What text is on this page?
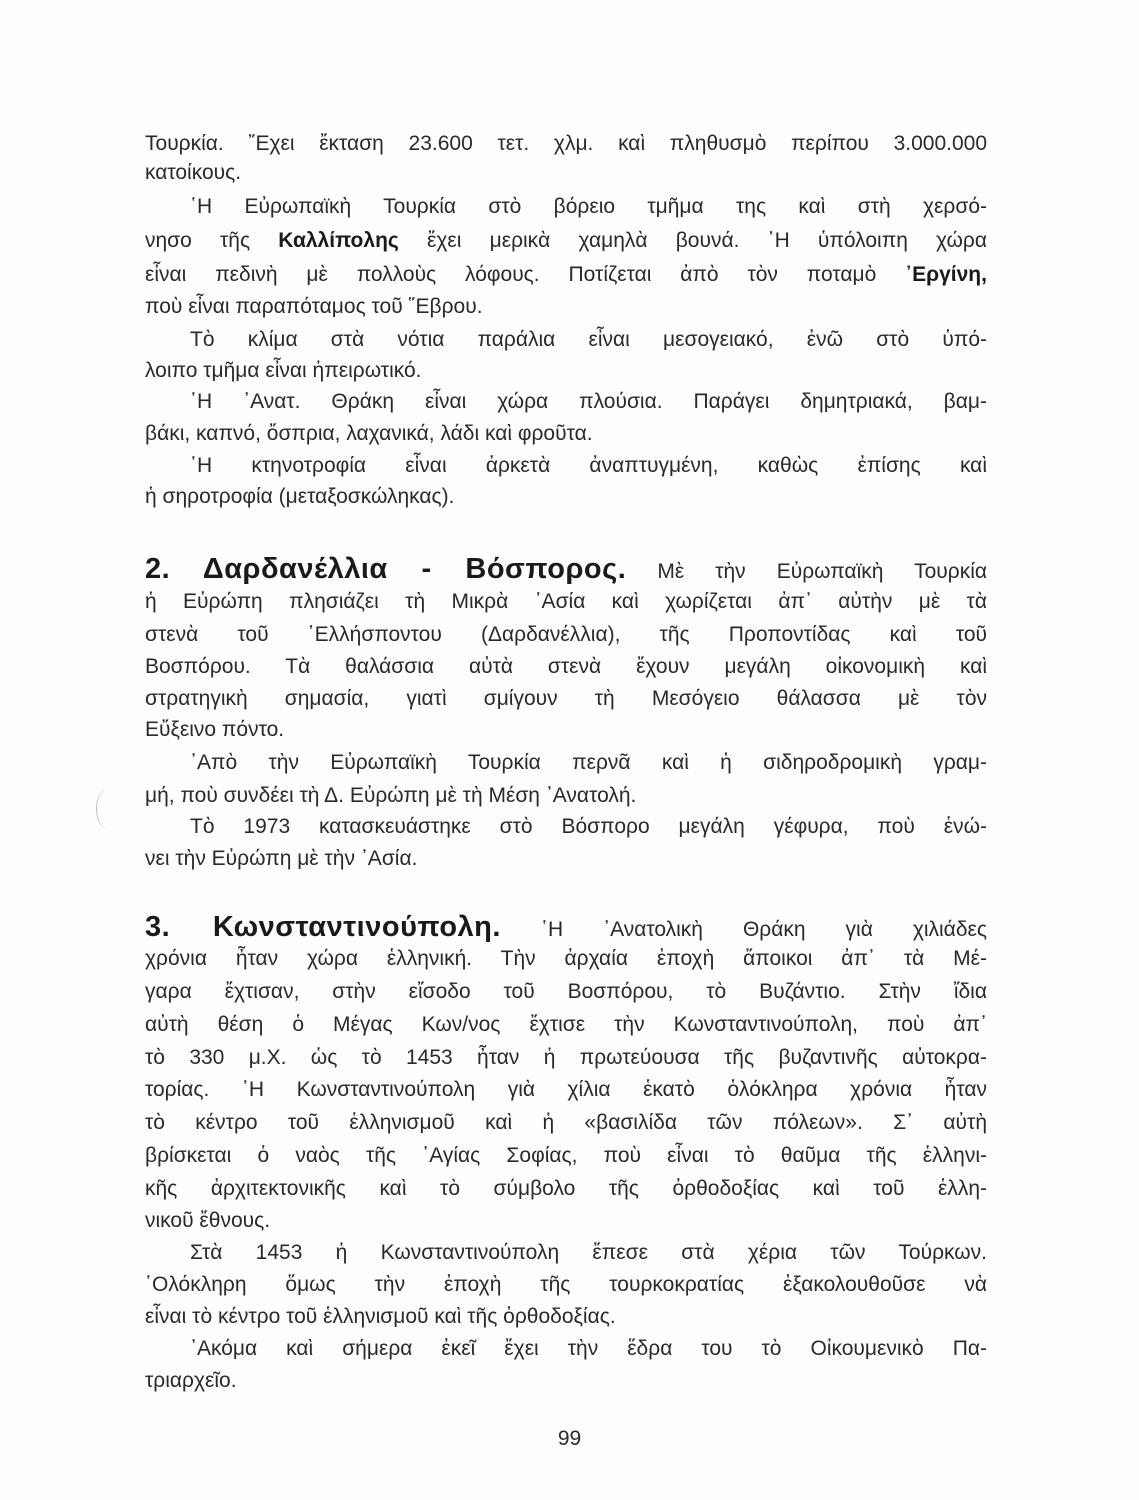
Τουρκία. ῎Εχει ἔκταση 23.600 τετ. χλμ. καὶ πληθυσμὸ περίπου 3.000.000
κατοίκους.
῾Η Εὐρωπαϊκὴ Τουρκία στὸ βόρειο τμῆμα της καὶ στὴ χερσό-
νησο τῆς Καλλίπολης ἔχει μερικὰ χαμηλὰ βουνά. ῾Η ὑπόλοιπη χώρα
εἶναι πεδινὴ μὲ πολλοὺς λόφους. Ποτίζεται ἀπὸ τὸν ποταμὸ ᾿Εργίνη,
ποὺ εἶναι παραπόταμος τοῦ ῞Εβρου.
Τὸ κλίμα στὰ νότια παράλια εἶναι μεσογειακό, ἐνῶ στὸ ὑπό-
λοιπο τμῆμα εἶναι ἠπειρωτικό.
῾Η ᾿Ανατ. Θράκη εἶναι χώρα πλούσια. Παράγει δημητριακά, βαμ-
βάκι, καπνό, ὄσπρια, λαχανικά, λάδι καὶ φροῦτα.
῾Η κτηνοτροφία εἶναι ἀρκετὰ ἀναπτυγμένη, καθὼς ἐπίσης καὶ
ἡ σηροτροφία (μεταξοσκώληκας).
2. Δαρδανέλλια - Βόσπορος. Μὲ τὴν Εὐρωπαϊκὴ Τουρκία
ἡ Εὐρώπη πλησιάζει τὴ Μικρὰ ᾿Ασία καὶ χωρίζεται ἀπ᾿ αὐτὴν μὲ τὰ
στενὰ τοῦ ῾Ελλήσποντου (Δαρδανέλλια), τῆς Προποντίδας καὶ τοῦ
Βοσπόρου. Τὰ θαλάσσια αὐτὰ στενὰ ἔχουν μεγάλη οἰκονομικὴ καὶ
στρατηγικὴ σημασία, γιατὶ σμίγουν τὴ Μεσόγειο θάλασσα μὲ τὸν
Εὔξεινο πόντο.
᾿Απὸ τὴν Εὐρωπαϊκὴ Τουρκία περνᾶ καὶ ἡ σιδηροδρομικὴ γραμ-
μή, ποὺ συνδέει τὴ Δ. Εὐρώπη μὲ τὴ Μέση ᾿Ανατολή.
Τὸ 1973 κατασκευάστηκε στὸ Βόσπορο μεγάλη γέφυρα, ποὺ ἑνώ-
νει τὴν Εὐρώπη μὲ τὴν ᾿Ασία.
3. Κωνσταντινούπολη. ῾Η ᾿Ανατολικὴ Θράκη γιὰ χιλιάδες
χρόνια ἦταν χώρα ἑλληνική. Τὴν ἀρχαία ἐποχὴ ἄποικοι ἀπ᾿ τὰ Μέ-
γαρα ἔχτισαν, στὴν εἴσοδο τοῦ Βοσπόρου, τὸ Βυζάντιο. Στὴν ἴδια
αὐτὴ θέση ὁ Μέγας Κων/νος ἔχτισε τὴν Κωνσταντινούπολη, ποὺ ἀπ᾿
τὸ 330 μ.Χ. ὡς τὸ 1453 ἦταν ἡ πρωτεύουσα τῆς βυζαντινῆς αὐτοκρα-
τορίας. ῾Η Κωνσταντινούπολη γιὰ χίλια ἑκατὸ ὁλόκληρα χρόνια ἦταν
τὸ κέντρο τοῦ ἑλληνισμοῦ καὶ ἡ «βασιλίδα τῶν πόλεων». Σ᾿ αὐτὴ
βρίσκεται ὁ ναὸς τῆς ῾Αγίας Σοφίας, ποὺ εἶναι τὸ θαῦμα τῆς ἑλληνι-
κῆς ἀρχιτεκτονικῆς καὶ τὸ σύμβολο τῆς ὀρθοδοξίας καὶ τοῦ ἑλλη-
νικοῦ ἔθνους.
Στὰ 1453 ἡ Κωνσταντινούπολη ἔπεσε στὰ χέρια τῶν Τούρκων.
῾Ολόκληρη ὅμως τὴν ἐποχὴ τῆς τουρκοκρατίας ἐξακολουθοῦσε νὰ
εἶναι τὸ κέντρο τοῦ ἑλληνισμοῦ καὶ τῆς ὀρθοδοξίας.
᾿Ακόμα καὶ σήμερα ἐκεῖ ἔχει τὴν ἕδρα του τὸ Οἰκουμενικὸ Πα-
τριαρχεῖο.
99
